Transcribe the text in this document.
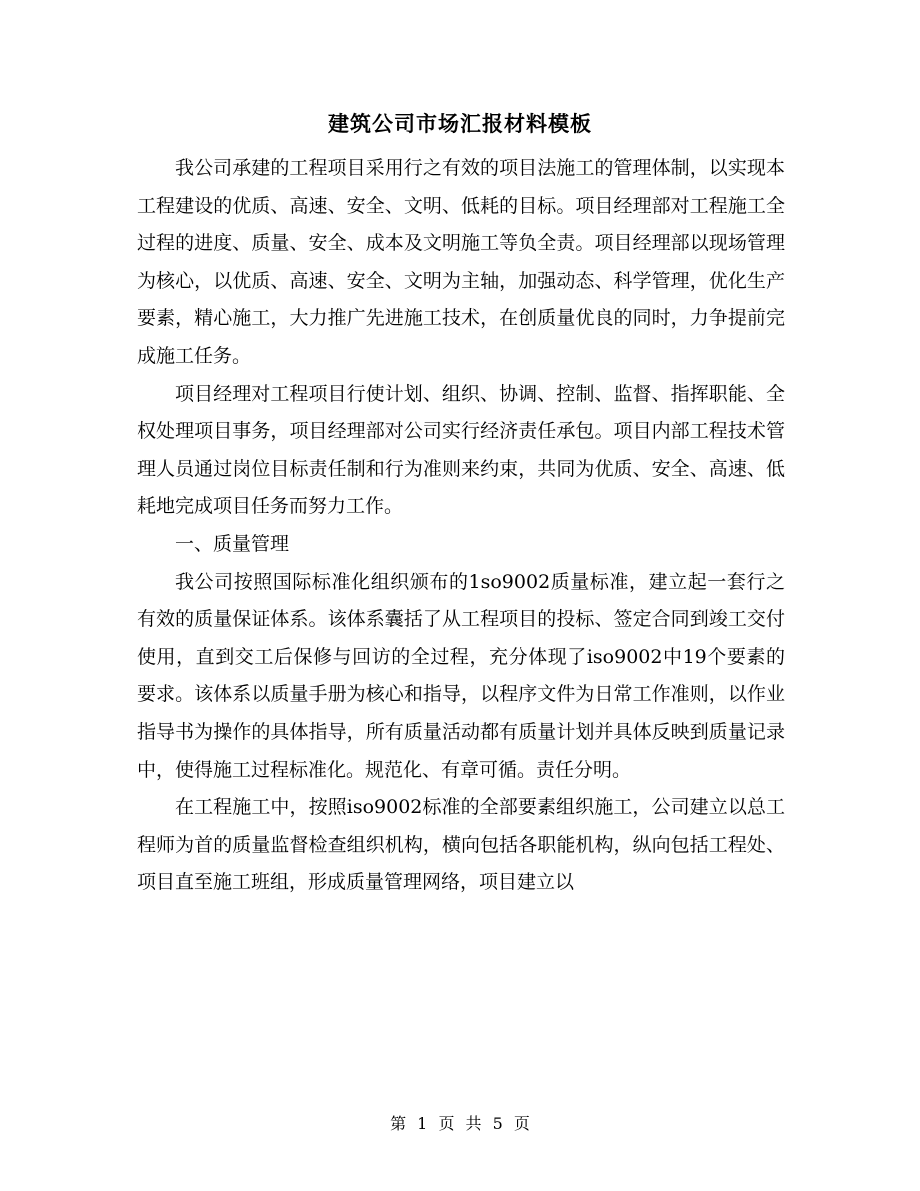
建筑公司市场汇报材料模板

我公司承建的工程项目采用行之有效的项目法施工的管理体制，以实现本工程建设的优质、高速、安全、文明、低耗的目标。项目经理部对工程施工全过程的进度、质量、安全、成本及文明施工等负全责。项目经理部以现场管理为核心，以优质、高速、安全、文明为主轴，加强动态、科学管理，优化生产要素，精心施工，大力推广先进施工技术，在创质量优良的同时，力争提前完成施工任务。

项目经理对工程项目行使计划、组织、协调、控制、监督、指挥职能、全权处理项目事务，项目经理部对公司实行经济责任承包。项目内部工程技术管理人员通过岗位目标责任制和行为准则来约束，共同为优质、安全、高速、低耗地完成项目任务而努力工作。

一、质量管理

我公司按照国际标准化组织颁布的1so9002质量标准，建立起一套行之有效的质量保证体系。该体系囊括了从工程项目的投标、签定合同到竣工交付使用，直到交工后保修与回访的全过程，充分体现了iso9002中19个要素的要求。该体系以质量手册为核心和指导，以程序文件为日常工作准则，以作业指导书为操作的具体指导，所有质量活动都有质量计划并具体反映到质量记录中，使得施工过程标准化。规范化、有章可循。责任分明。

在工程施工中，按照iso9002标准的全部要素组织施工，公司建立以总工程师为首的质量监督检查组织机构，横向包括各职能机构，纵向包括工程处、项目直至施工班组，形成质量管理网络，项目建立以

第 1 页 共 5 页
